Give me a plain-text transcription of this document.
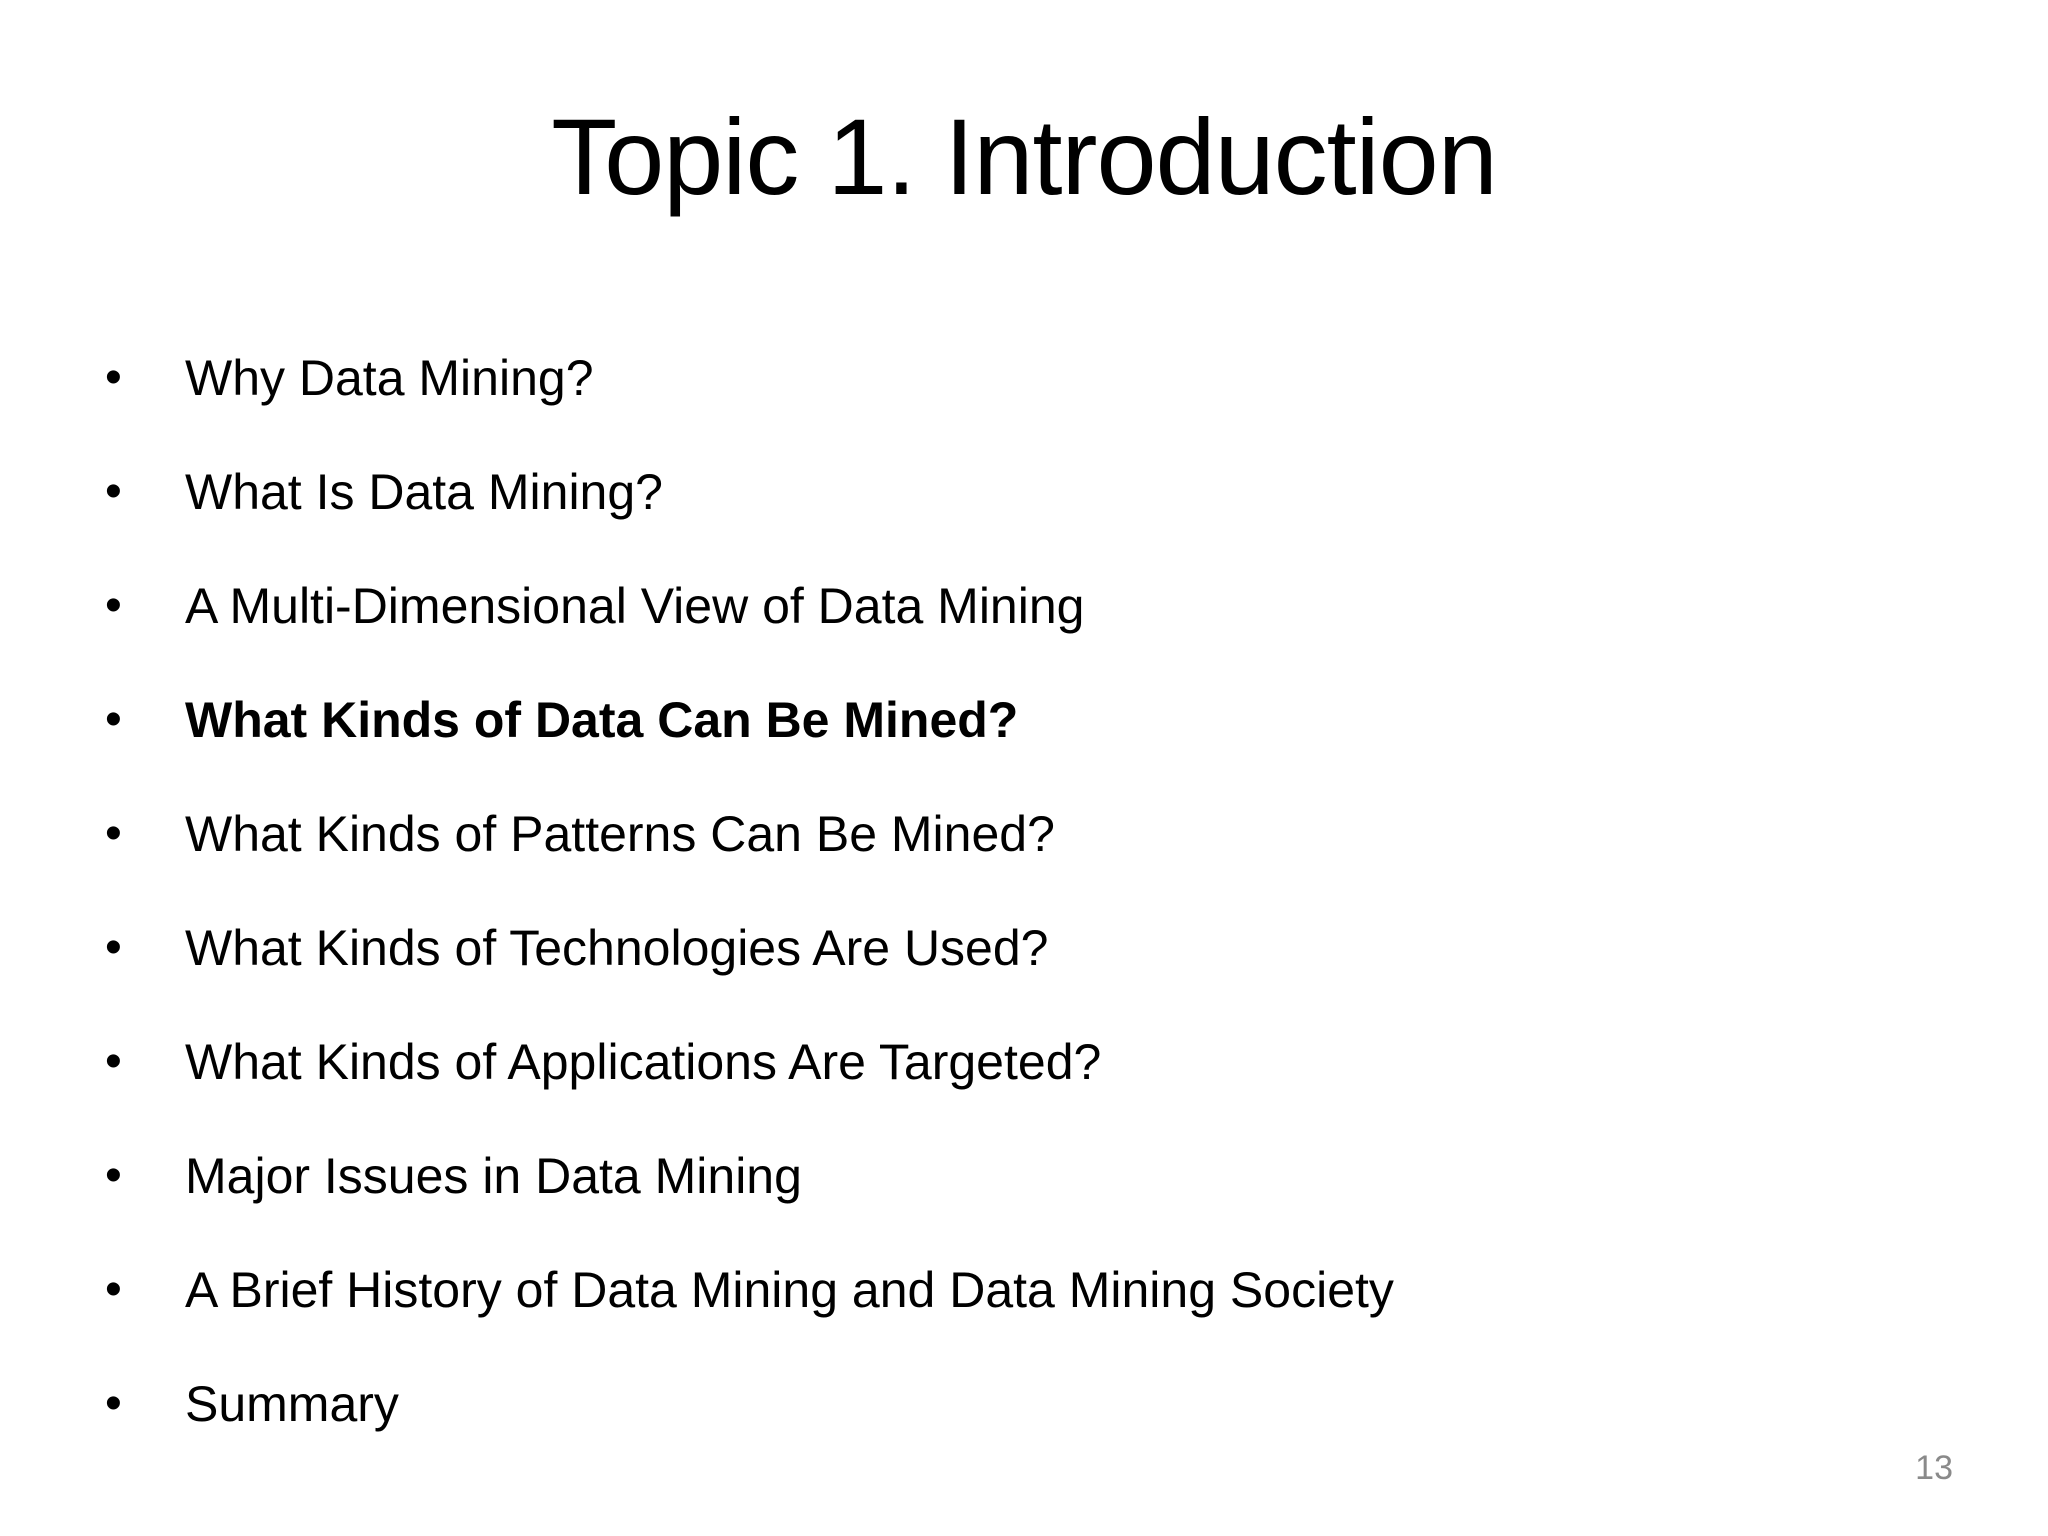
Topic 1. Introduction
•	Why Data Mining?
•	What Is Data Mining?
•	A Multi-Dimensional View of Data Mining
•	What Kinds of Data Can Be Mined?
•	What Kinds of Patterns Can Be Mined?
•	What Kinds of Technologies Are Used?
•	What Kinds of Applications Are Targeted?
•	Major Issues in Data Mining
•	A Brief History of Data Mining and Data Mining Society
•	Summary
13
